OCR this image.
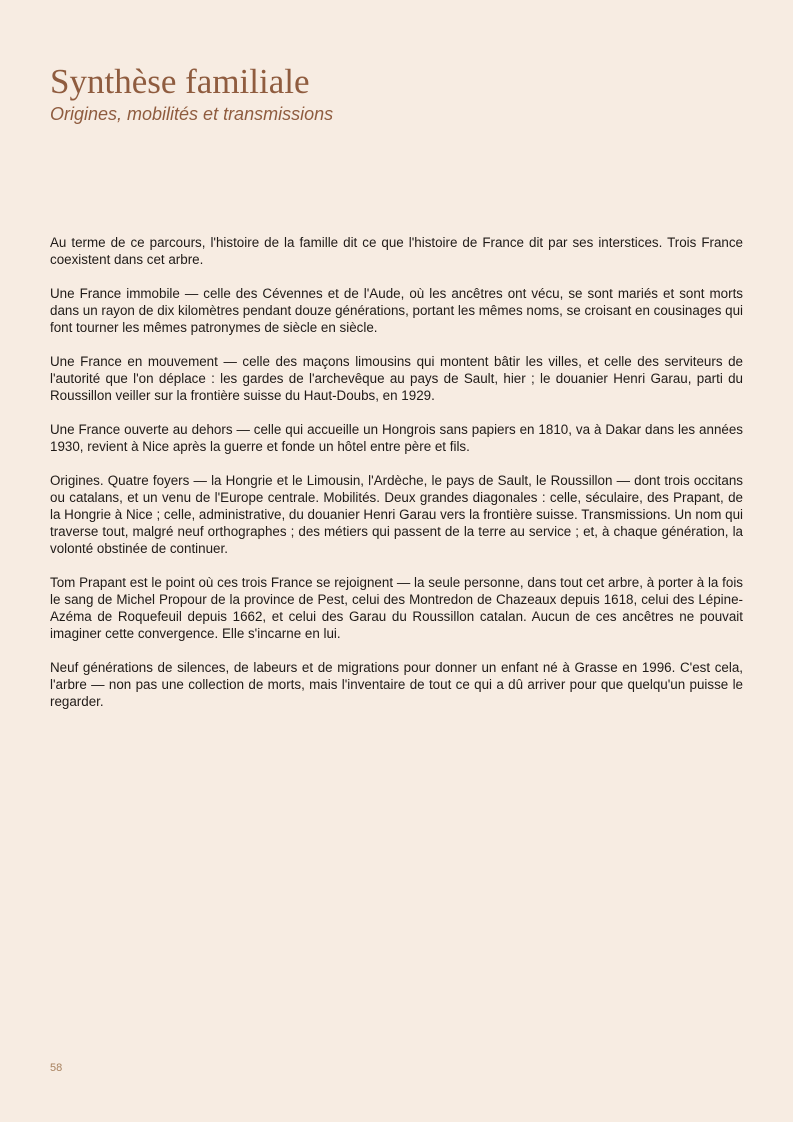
Synthèse familiale
Origines, mobilités et transmissions

Au terme de ce parcours, l'histoire de la famille dit ce que l'histoire de France dit par ses interstices. Trois France coexistent dans cet arbre.

Une France immobile — celle des Cévennes et de l'Aude, où les ancêtres ont vécu, se sont mariés et sont morts dans un rayon de dix kilomètres pendant douze générations, portant les mêmes noms, se croisant en cousinages qui font tourner les mêmes patronymes de siècle en siècle.

Une France en mouvement — celle des maçons limousins qui montent bâtir les villes, et celle des serviteurs de l'autorité que l'on déplace : les gardes de l'archevêque au pays de Sault, hier ; le douanier Henri Garau, parti du Roussillon veiller sur la frontière suisse du Haut-Doubs, en 1929.

Une France ouverte au dehors — celle qui accueille un Hongrois sans papiers en 1810, va à Dakar dans les années 1930, revient à Nice après la guerre et fonde un hôtel entre père et fils.

Origines. Quatre foyers — la Hongrie et le Limousin, l'Ardèche, le pays de Sault, le Roussillon — dont trois occitans ou catalans, et un venu de l'Europe centrale. Mobilités. Deux grandes diagonales : celle, séculaire, des Prapant, de la Hongrie à Nice ; celle, administrative, du douanier Henri Garau vers la frontière suisse. Transmissions. Un nom qui traverse tout, malgré neuf orthographes ; des métiers qui passent de la terre au service ; et, à chaque génération, la volonté obstinée de continuer.

Tom Prapant est le point où ces trois France se rejoignent — la seule personne, dans tout cet arbre, à porter à la fois le sang de Michel Propour de la province de Pest, celui des Montredon de Chazeaux depuis 1618, celui des Lépine-Azéma de Roquefeuil depuis 1662, et celui des Garau du Roussillon catalan. Aucun de ces ancêtres ne pouvait imaginer cette convergence. Elle s'incarne en lui.

Neuf générations de silences, de labeurs et de migrations pour donner un enfant né à Grasse en 1996. C'est cela, l'arbre — non pas une collection de morts, mais l'inventaire de tout ce qui a dû arriver pour que quelqu'un puisse le regarder.

58
